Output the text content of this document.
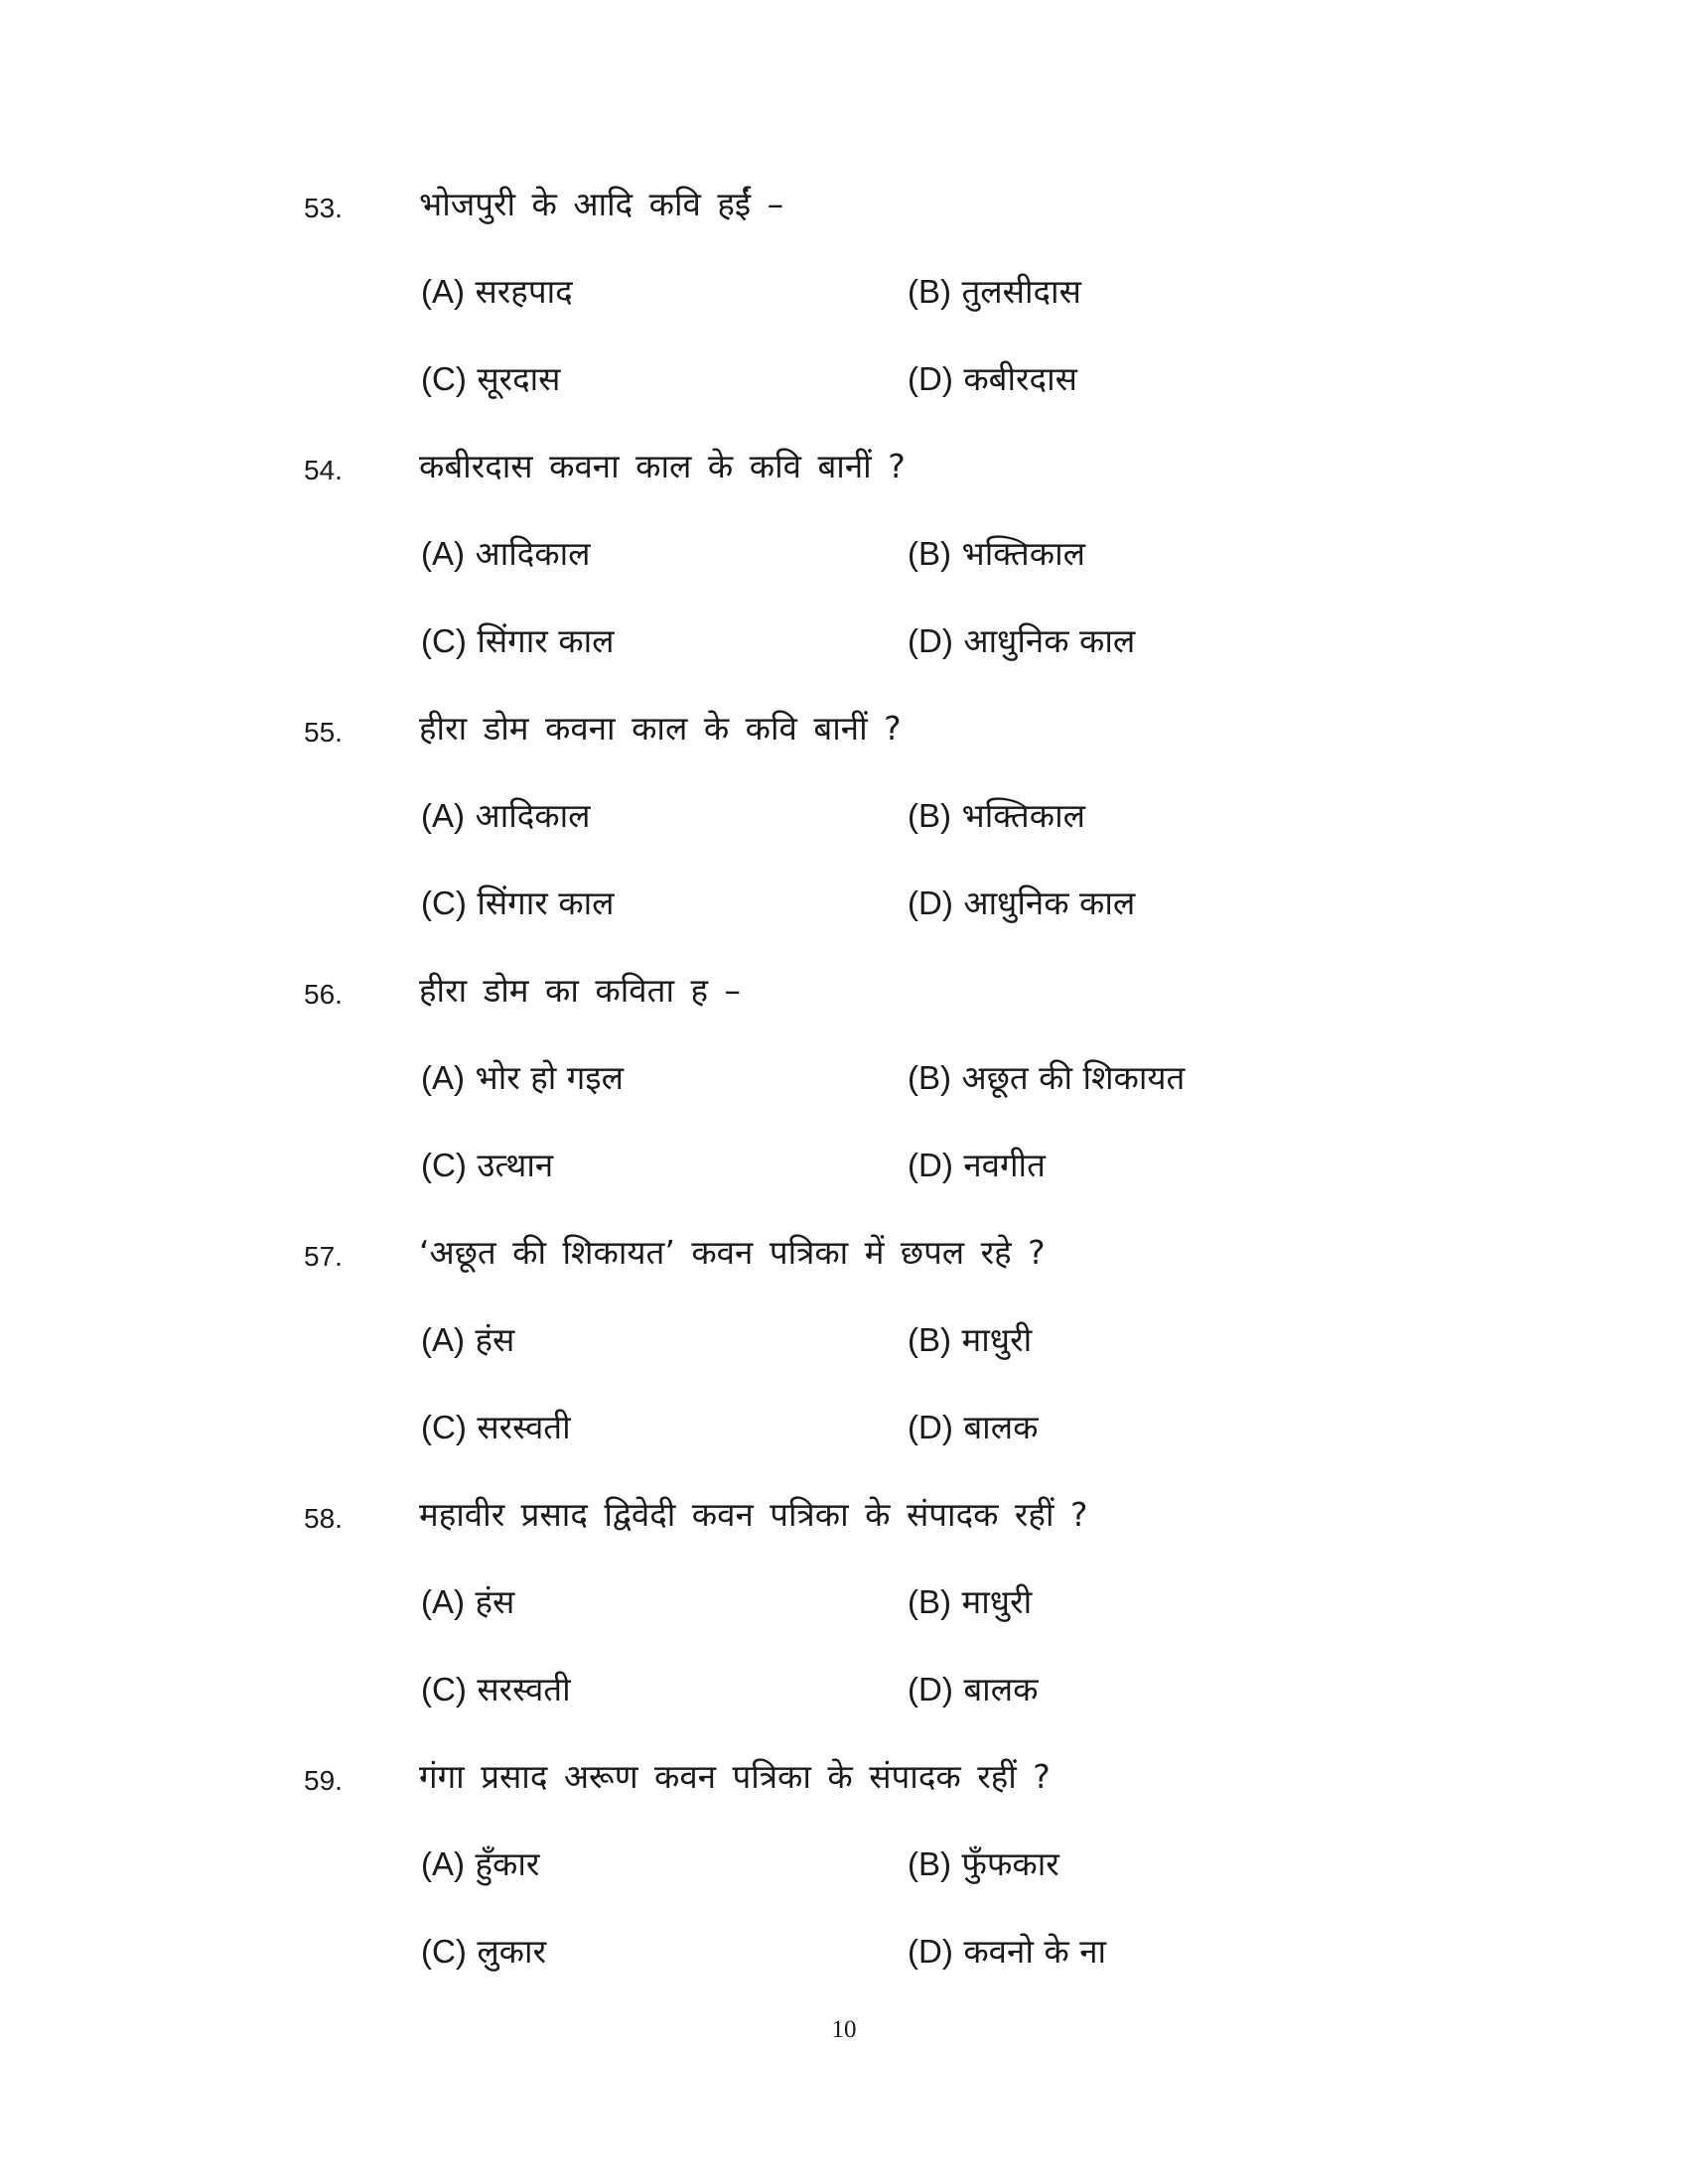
53. भोजपुरी के आदि कवि हईं –
(A) सरहपाद	(B) तुलसीदास
(C) सूरदास	(D) कबीरदास
54. कबीरदास कवना काल के कवि बानीं ?
(A) आदिकाल	(B) भक्तिकाल
(C) सिंगार काल	(D) आधुनिक काल
55. हीरा डोम कवना काल के कवि बानीं ?
(A) आदिकाल	(B) भक्तिकाल
(C) सिंगार काल	(D) आधुनिक काल
56. हीरा डोम का कविता ह –
(A) भोर हो गइल	(B) अछूत की शिकायत
(C) उत्थान	(D) नवगीत
57. ‘अछूत की शिकायत’ कवन पत्रिका में छपल रहे ?
(A) हंस	(B) माधुरी
(C) सरस्वती	(D) बालक
58. महावीर प्रसाद द्विवेदी कवन पत्रिका के संपादक रहीं ?
(A) हंस	(B) माधुरी
(C) सरस्वती	(D) बालक
59. गंगा प्रसाद अरूण कवन पत्रिका के संपादक रहीं ?
(A) हुँकार	(B) फुँफकार
(C) लुकार	(D) कवनो के ना
10
